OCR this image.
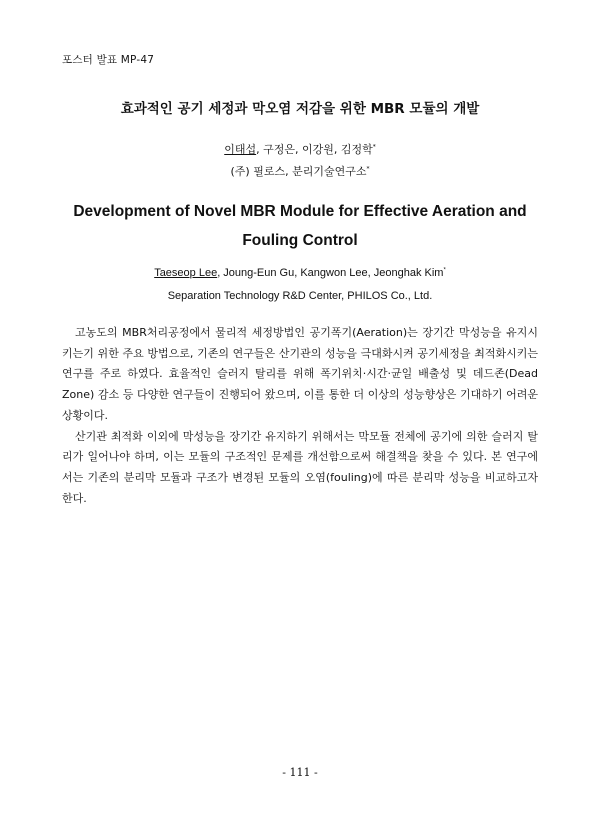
포스터 발표 MP-47
효과적인 공기 세정과 막오염 저감을 위한 MBR 모듈의 개발
이태섭, 구정은, 이강원, 김정학*
(주) 필로스, 분리기술연구소*
Development of Novel MBR Module for Effective Aeration and Fouling Control
Taeseop Lee, Joung-Eun Gu, Kangwon Lee, Jeonghak Kim*
Separation Technology R&D Center, PHILOS Co., Ltd.

고농도의 MBR처리공정에서 물리적 세정방법인 공기폭기(Aeration)는 장기간 막성능을 유지시키는기 위한 주요 방법으로, 기존의 연구들은 산기관의 성능을 극대화시켜 공기세정을 최적화시키는 연구를 주로 하였다. 효율적인 슬러지 탈리를 위해 폭기위치·시간·균일 배출성 및 데드존(Dead Zone) 감소 등 다양한 연구들이 진행되어 왔으며, 이를 통한 더 이상의 성능향상은 기대하기 어려운 상황이다.

산기관 최적화 이외에 막성능을 장기간 유지하기 위해서는 막모듈 전체에 공기에 의한 슬러지 탈리가 일어나야 하며, 이는 모듈의 구조적인 문제를 개선함으로써 해결책을 찾을 수 있다. 본 연구에서는 기존의 분리막 모듈과 구조가 변경된 모듈의 오염(fouling)에 따른 분리막 성능을 비교하고자 한다.

- 111 -
